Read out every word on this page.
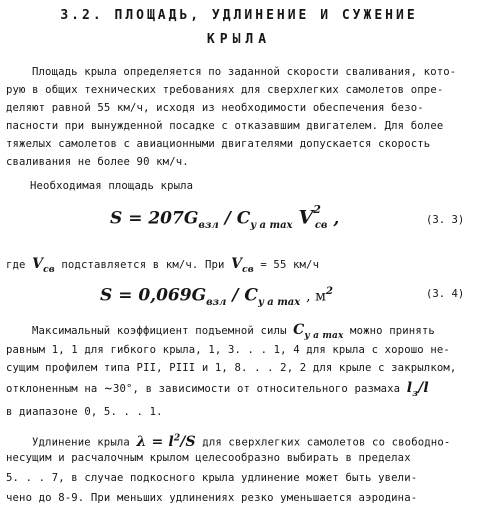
3.2. ПЛОЩАДЬ, УДЛИНЕНИЕ И СУЖЕНИЕ
КРЫЛА
Площадь крыла определяется по заданной скорости сваливания, кото-
рую в общих технических требованиях для сверхлегких самолетов опре-
деляют равной 55 км/ч, исходя из необходимости обеспечения безо-
пасности при вынужденной посадке с отказавшим двигателем. Для более
тяжелых самолетов с авиационными двигателями допускается скорость
сваливания не более 90 км/ч.
Необходимая площадь крыла
$S = 207G_{взл} / C_{y a max}$ $V^2_{cв}$ ,	(3. 3)
где $V_{cв}$ подставляется в км/ч. При $V_{cв} = 55$ км/ч
$S = 0,069G_{взл} / C_{y a max}$ , $м^2$	(3. 4)
Максимальный коэффициент подъемной силы $C_{y a max}$ можно принять
равным 1, 1 для гибкого крыла, 1, 3. . . 1, 4 для крыла с хорошо не-
сущим профилем типа РII, РIII и 1, 8. . . 2, 2 для крыле с закрылком,
отклоненным на ~30°, в зависимости от относительного размаха $l_з/l$
в диапазоне 0, 5. . . 1.
Удлинение крыла $\lambda = l^2/S$ для сверхлегких самолетов со свободно-
несущим и расчалочным крылом целесообразно выбирать в пределах
5. . . 7, в случае подкосного крыла удлинение может быть увели-
чено до 8-9. При меньших удлинениях резко уменьшается аэродина-
